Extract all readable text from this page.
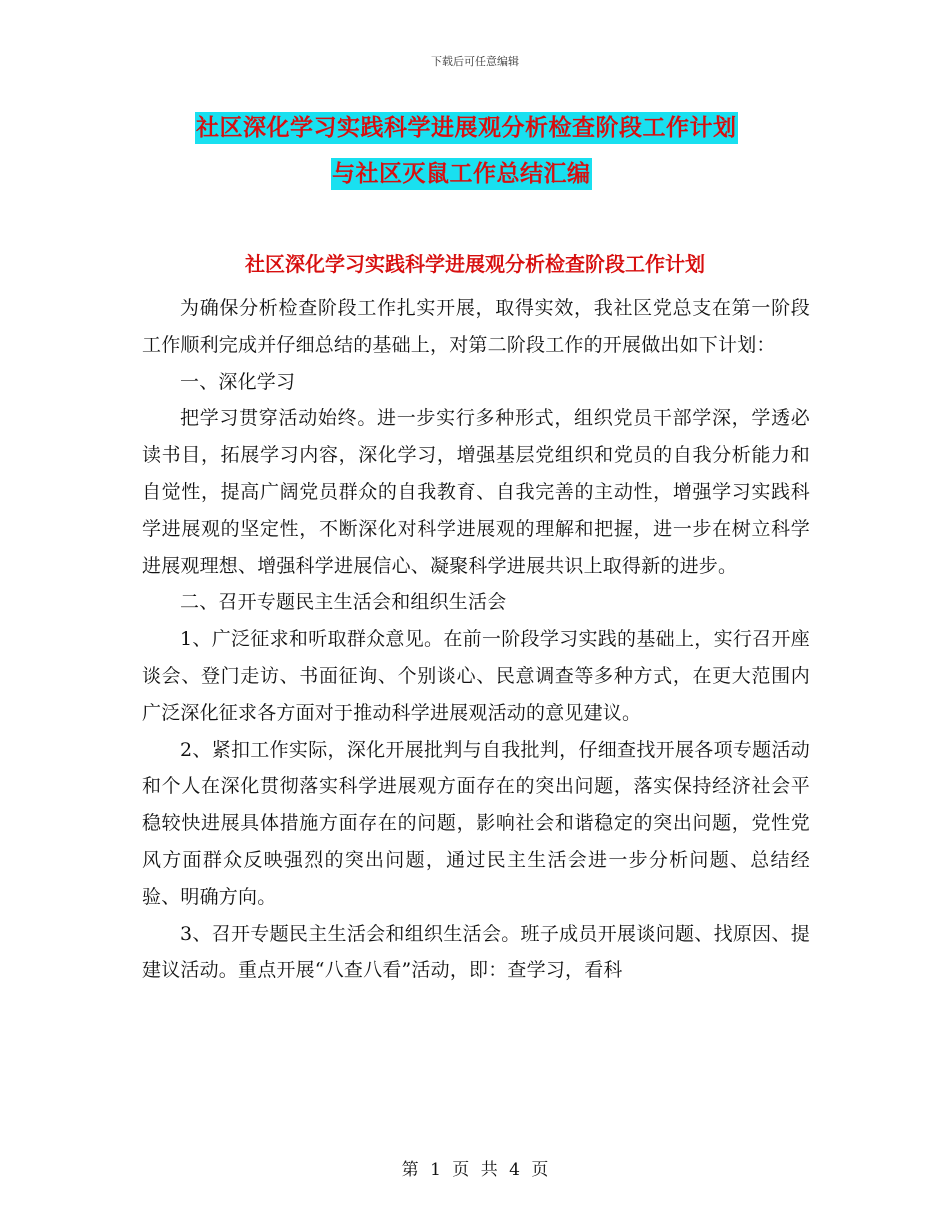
下载后可任意编辑
社区深化学习实践科学进展观分析检查阶段工作计划
与社区灭鼠工作总结汇编
社区深化学习实践科学进展观分析检查阶段工作计划

为确保分析检查阶段工作扎实开展，取得实效，我社区党总支在第一阶段工作顺利完成并仔细总结的基础上，对第二阶段工作的开展做出如下计划：

一、深化学习

把学习贯穿活动始终。进一步实行多种形式，组织党员干部学深，学透必读书目，拓展学习内容，深化学习，增强基层党组织和党员的自我分析能力和自觉性，提高广阔党员群众的自我教育、自我完善的主动性，增强学习实践科学进展观的坚定性，不断深化对科学进展观的理解和把握，进一步在树立科学进展观理想、增强科学进展信心、凝聚科学进展共识上取得新的进步。

二、召开专题民主生活会和组织生活会

1、广泛征求和听取群众意见。在前一阶段学习实践的基础上，实行召开座谈会、登门走访、书面征询、个别谈心、民意调查等多种方式，在更大范围内广泛深化征求各方面对于推动科学进展观活动的意见建议。

2、紧扣工作实际，深化开展批判与自我批判，仔细查找开展各项专题活动和个人在深化贯彻落实科学进展观方面存在的突出问题，落实保持经济社会平稳较快进展具体措施方面存在的问题，影响社会和谐稳定的突出问题，党性党风方面群众反映强烈的突出问题，通过民主生活会进一步分析问题、总结经验、明确方向。

3、召开专题民主生活会和组织生活会。班子成员开展谈问题、找原因、提建议活动。重点开展“八查八看”活动，即：查学习，看科

第 1 页 共 4 页
